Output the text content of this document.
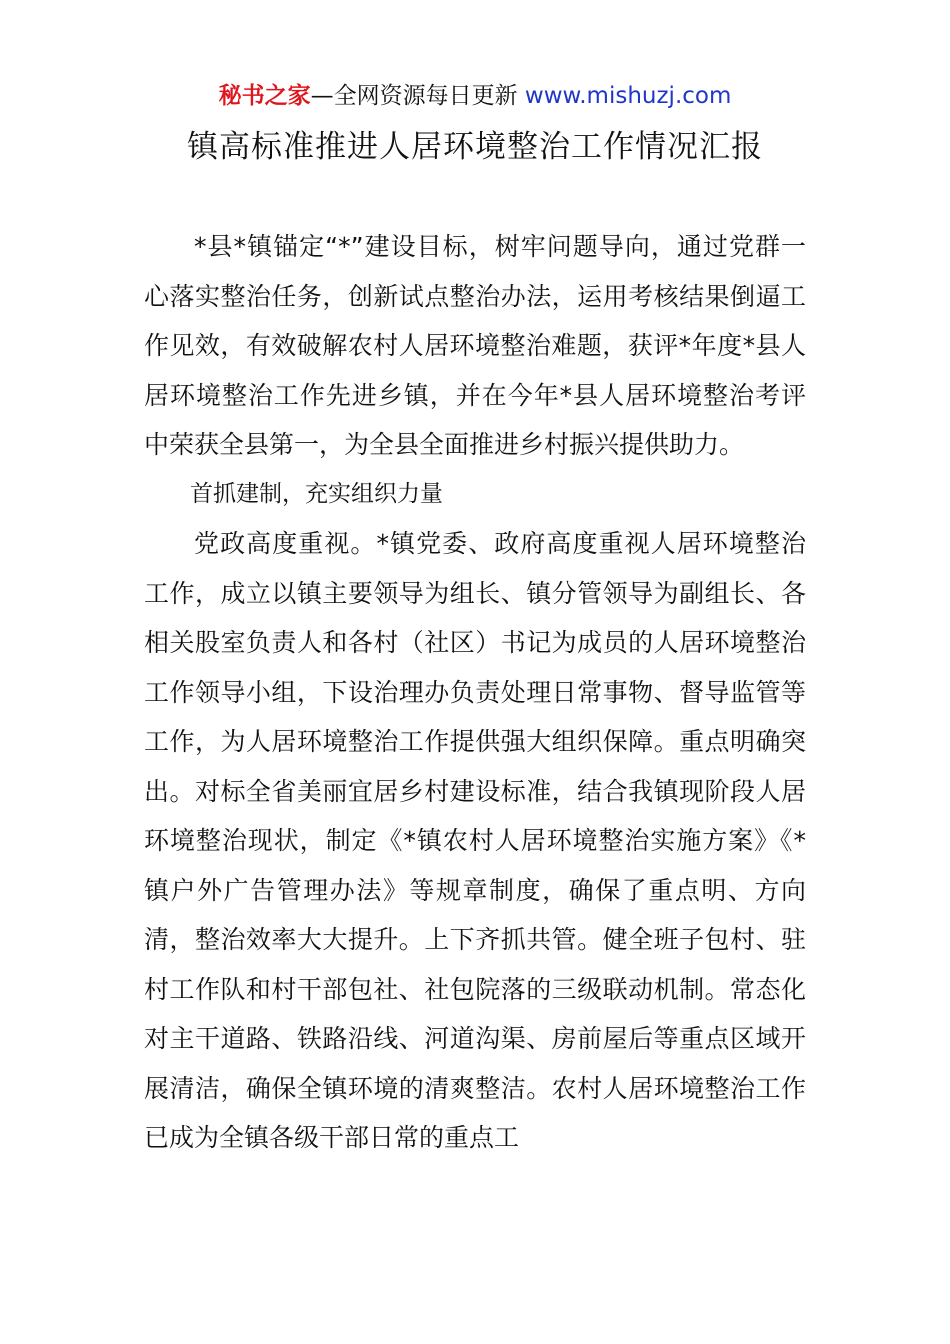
秘书之家—全网资源每日更新 www.mishuzj.com
镇高标准推进人居环境整治工作情况汇报

*县*镇锚定“*”建设目标，树牢问题导向，通过党群一心落实整治任务，创新试点整治办法，运用考核结果倒逼工作见效，有效破解农村人居环境整治难题，获评*年度*县人居环境整治工作先进乡镇，并在今年*县人居环境整治考评中荣获全县第一，为全县全面推进乡村振兴提供助力。

首抓建制，充实组织力量

党政高度重视。*镇党委、政府高度重视人居环境整治工作，成立以镇主要领导为组长、镇分管领导为副组长、各相关股室负责人和各村（社区）书记为成员的人居环境整治工作领导小组，下设治理办负责处理日常事物、督导监管等工作，为人居环境整治工作提供强大组织保障。重点明确突出。对标全省美丽宜居乡村建设标准，结合我镇现阶段人居环境整治现状，制定《*镇农村人居环境整治实施方案》《*镇户外广告管理办法》等规章制度，确保了重点明、方向清，整治效率大大提升。上下齐抓共管。健全班子包村、驻村工作队和村干部包社、社包院落的三级联动机制。常态化对主干道路、铁路沿线、河道沟渠、房前屋后等重点区域开展清洁，确保全镇环境的清爽整洁。农村人居环境整治工作已成为全镇各级干部日常的重点工
